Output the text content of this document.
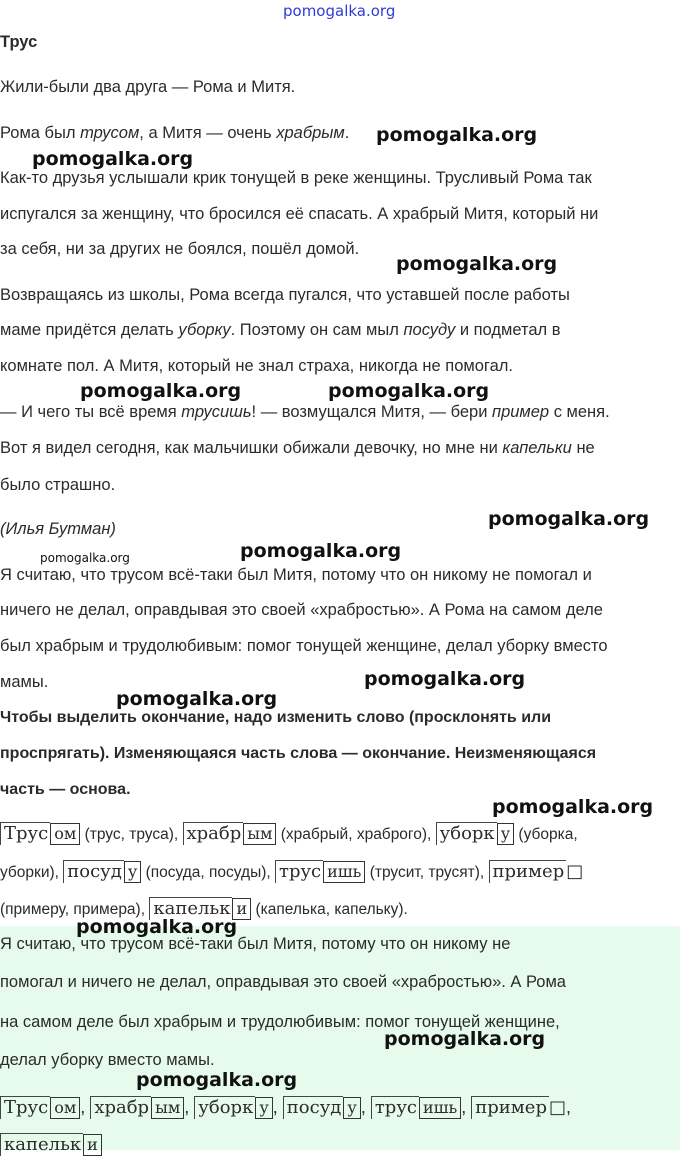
pomogalka.org

Трус

Жили-были два друга — Рома и Митя.

Рома был трусом, а Митя — очень храбрым.

Как-то друзья услышали крик тонущей в реке женщины. Трусливый Рома так

испугался за женщину, что бросился её спасать. А храбрый Митя, который ни

за себя, ни за других не боялся, пошёл домой.

Возвращаясь из школы, Рома всегда пугался, что уставшей после работы

маме придётся делать уборку. Поэтому он сам мыл посуду и подметал в

комнате пол. А Митя, который не знал страха, никогда не помогал.

— И чего ты всё время трусишь! — возмущался Митя, — бери пример с меня.

Вот я видел сегодня, как мальчишки обижали девочку, но мне ни капельки не

было страшно.

(Илья Бутман)

Я считаю, что трусом всё-таки был Митя, потому что он никому не помогал и

ничего не делал, оправдывая это своей «храбростью». А Рома на самом деле

был храбрым и трудолюбивым: помог тонущей женщине, делал уборку вместо

мамы.

Чтобы выделить окончание, надо изменить слово (просклонять или

проспрягать). Изменяющаяся часть слова — окончание. Неизменяющаяся

часть — основа.

Трус ом (трус, труса), храбр ым (храбрый, храброго), уборк у (уборка,

уборки), посуд у (посуда, посуды), трус ишь (трусит, трусят), пример □

(примеру, примера), капельк и (капелька, капельку).

Я считаю, что трусом всё-таки был Митя, потому что он никому не

помогал и ничего не делал, оправдывая это своей «храбростью». А Рома

на самом деле был храбрым и трудолюбивым: помог тонущей женщине,

делал уборку вместо мамы.

Трус ом , храбр ым , уборк у , посуд у , трус ишь , пример □,

капельк и

pomogalka.org
pomogalka.org
pomogalka.org
pomogalka.org	pomogalka.org
pomogalka.org
pomogalka.org
pomogalka.org
pomogalka.org
pomogalka.org
pomogalka.org
pomogalka.org
pomogalka.org
pomogalka.org
